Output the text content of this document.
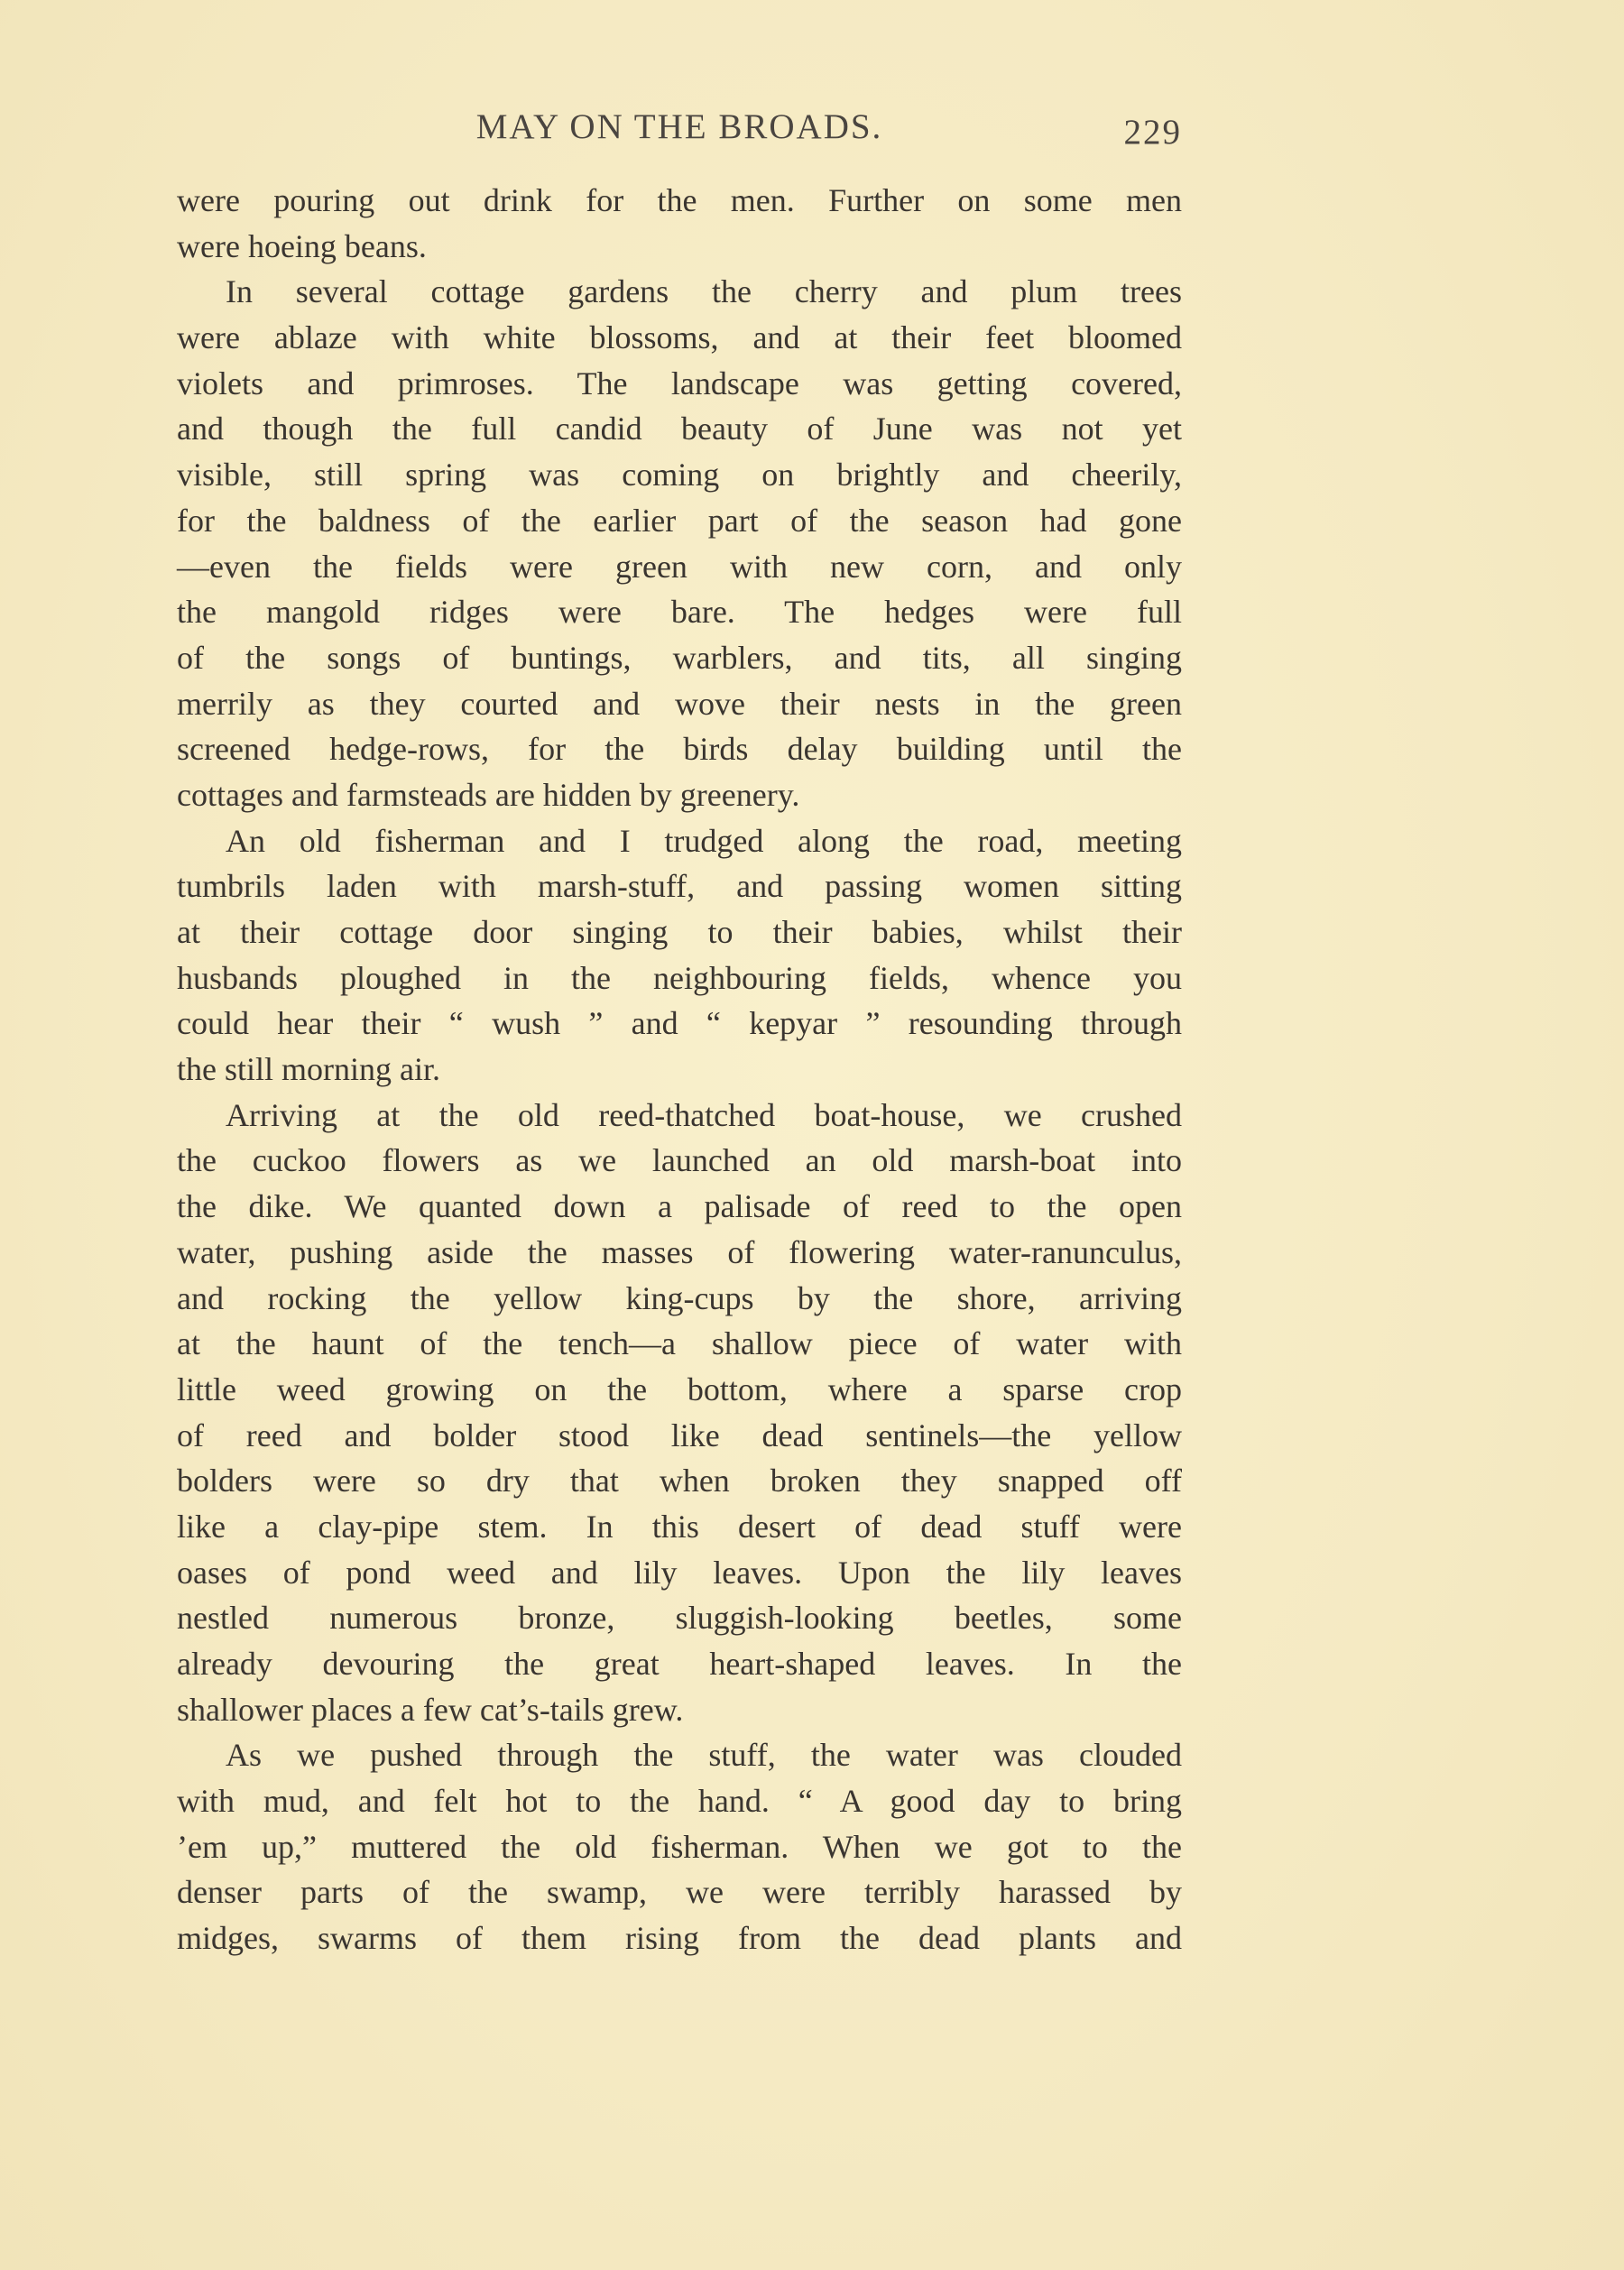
MAY ON THE BROADS.	229
were pouring out drink for the men. Further on some men
were hoeing beans.
In several cottage gardens the cherry and plum trees
were ablaze with white blossoms, and at their feet bloomed
violets and primroses. The landscape was getting covered,
and though the full candid beauty of June was not yet
visible, still spring was coming on brightly and cheerily,
for the baldness of the earlier part of the season had gone
—even the fields were green with new corn, and only
the mangold ridges were bare. The hedges were full
of the songs of buntings, warblers, and tits, all singing
merrily as they courted and wove their nests in the green
screened hedge-rows, for the birds delay building until the
cottages and farmsteads are hidden by greenery.
An old fisherman and I trudged along the road, meeting
tumbrils laden with marsh-stuff, and passing women sitting
at their cottage door singing to their babies, whilst their
husbands ploughed in the neighbouring fields, whence you
could hear their “ wush ” and “ kepyar ” resounding through
the still morning air.
Arriving at the old reed-thatched boat-house, we crushed
the cuckoo flowers as we launched an old marsh-boat into
the dike. We quanted down a palisade of reed to the open
water, pushing aside the masses of flowering water-ranunculus,
and rocking the yellow king-cups by the shore, arriving
at the haunt of the tench—a shallow piece of water with
little weed growing on the bottom, where a sparse crop
of reed and bolder stood like dead sentinels—the yellow
bolders were so dry that when broken they snapped off
like a clay-pipe stem. In this desert of dead stuff were
oases of pond weed and lily leaves. Upon the lily leaves
nestled numerous bronze, sluggish-looking beetles, some
already devouring the great heart-shaped leaves. In the
shallower places a few cat’s-tails grew.
As we pushed through the stuff, the water was clouded
with mud, and felt hot to the hand. “ A good day to bring
’em up,” muttered the old fisherman. When we got to the
denser parts of the swamp, we were terribly harassed by
midges, swarms of them rising from the dead plants and
